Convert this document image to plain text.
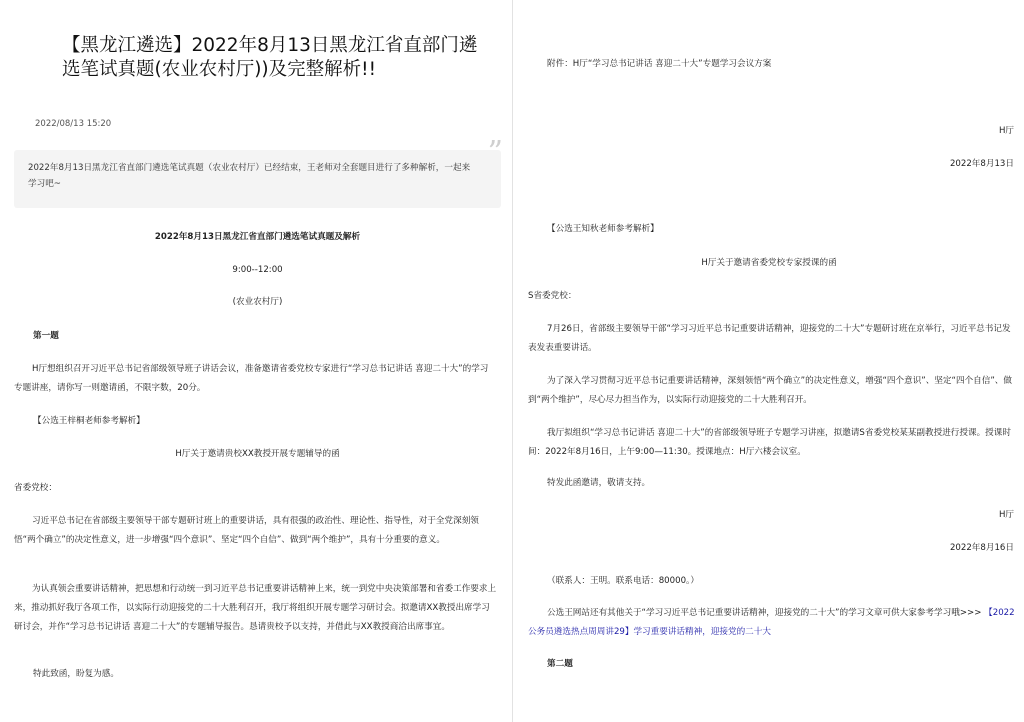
【黑龙江遴选】2022年8月13日黑龙江省直部门遴选笔试真题(农业农村厅))及完整解析!!
2022/08/13 15:20
”
2022年8月13日黑龙江省直部门遴选笔试真题（农业农村厅）已经结束，王老师对全套题目进行了多种解析，一起来学习吧~
2022年8月13日黑龙江省直部门遴选笔试真题及解析
9:00--12:00
(农业农村厅)
第一题
H厅想组织召开习近平总书记省部级领导班子讲话会议，准备邀请省委党校专家进行“学习总书记讲话 喜迎二十大”的学习专题讲座，请你写一则邀请函，不限字数，20分。
【公选王梓桐老师参考解析】
H厅关于邀请贵校XX教授开展专题辅导的函
省委党校：
习近平总书记在省部级主要领导干部专题研讨班上的重要讲话，具有很强的政治性、理论性、指导性，对于全党深刻领悟“两个确立”的决定性意义，进一步增强“四个意识”、坚定“四个自信”、做到“两个维护”，具有十分重要的意义。
为认真领会重要讲话精神，把思想和行动统一到习近平总书记重要讲话精神上来，统一到党中央决策部署和省委工作要求上来，推动抓好我厅各项工作，以实际行动迎接党的二十大胜利召开，我厅将组织开展专题学习研讨会。拟邀请XX教授出席学习研讨会，并作“学习总书记讲话 喜迎二十大”的专题辅导报告。恳请贵校予以支持，并借此与XX教授商洽出席事宜。
特此致函，盼复为感。
附件：H厅“学习总书记讲话 喜迎二十大”专题学习会议方案
H厅
2022年8月13日
【公选王知秋老师参考解析】
H厅关于邀请省委党校专家授课的函
S省委党校：
7月26日，省部级主要领导干部“学习习近平总书记重要讲话精神，迎接党的二十大”专题研讨班在京举行，习近平总书记发表发表重要讲话。
为了深入学习贯彻习近平总书记重要讲话精神，深刻领悟“两个确立”的决定性意义，增强“四个意识”、坚定“四个自信”、做到“两个维护”，尽心尽力担当作为，以实际行动迎接党的二十大胜利召开。
我厅拟组织“学习总书记讲话 喜迎二十大”的省部级领导班子专题学习讲座，拟邀请S省委党校某某副教授进行授课。授课时间：2022年8月16日，上午9:00—11:30。授课地点：H厅六楼会议室。
特发此函邀请，敬请支持。
H厅
2022年8月16日
（联系人：王明。联系电话：80000。）
公选王网站还有其他关于“学习习近平总书记重要讲话精神，迎接党的二十大”的学习文章可供大家参考学习哦>>> 【2022公务员遴选热点周周讲29】学习重要讲话精神，迎接党的二十大
第二题
